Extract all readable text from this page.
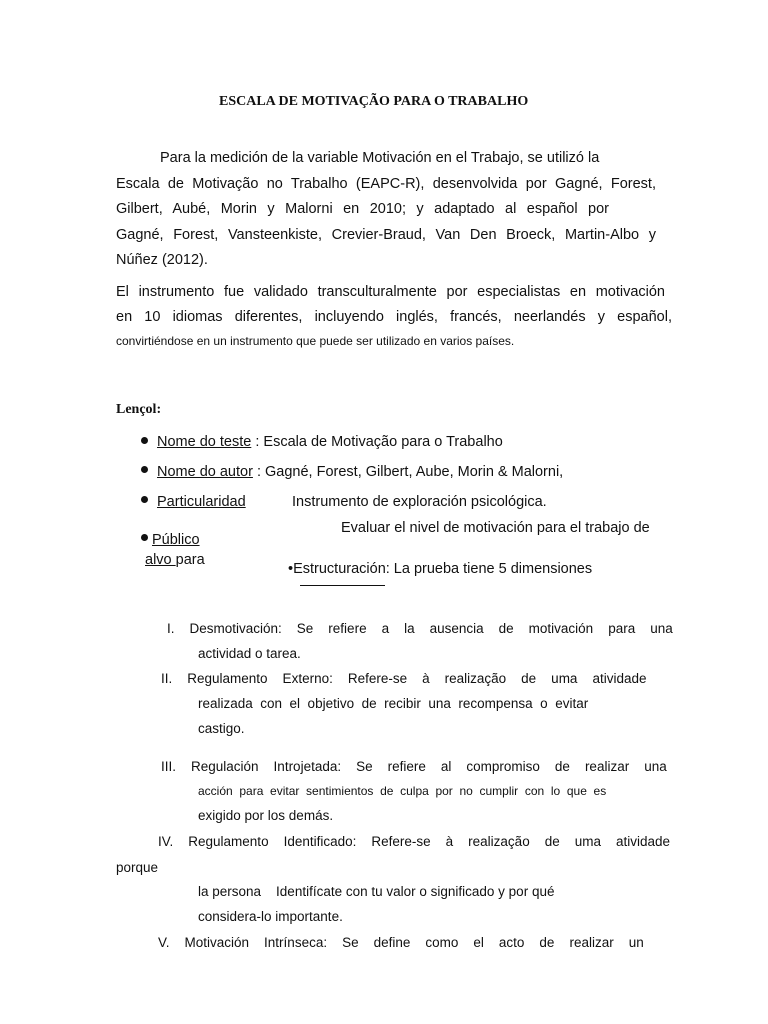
ESCALA DE MOTIVAÇÃO PARA O TRABALHO
Para la medición de la variable Motivación en el Trabajo, se utilizó la
Escala de Motivação no Trabalho (EAPC-R), desenvolvida por Gagné, Forest,
Gilbert, Aubé, Morin y Malorni en 2010; y adaptado al español por
Gagné, Forest, Vansteenkiste, Crevier-Braud, Van Den Broeck, Martin-Albo y
Núñez (2012).
El instrumento fue validado transculturalmente por especialistas en motivación
en 10 idiomas diferentes, incluyendo inglés, francés, neerlandés y español,
convirtiéndose en un instrumento que puede ser utilizado en varios países.
Lençol:
Nome do teste : Escala de Motivação para o Trabalho
Nome do autor : Gagné, Forest, Gilbert, Aube, Morin & Malorni,
Particularidad	Instrumento de exploración psicológica.
Evaluar el nivel de motivación para el trabajo de
Público
alvo para
•Estructuración: La prueba tiene 5 dimensiones
I.    Desmotivación:    Se    refiere    a    la    ausencia    de    motivación    para    una
actividad o tarea.
II.    Regulamento    Externo:    Refere-se    à    realização    de    uma    atividade
realizada  con  el  objetivo  de  recibir  una  recompensa  o  evitar
castigo.
III.    Regulación    Introjetada:    Se    refiere    al    compromiso    de    realizar    una
acción  para  evitar  sentimientos  de  culpa  por  no  cumplir  con  lo  que  es
exigido por los demás.
IV.    Regulamento    Identificado:    Refere-se    à    realização    de    uma    atividade
porque
la persona    Identifícate con tu valor o significado y por qué
considera-lo importante.
V.    Motivación    Intrínseca:    Se    define    como    el    acto    de    realizar    un
